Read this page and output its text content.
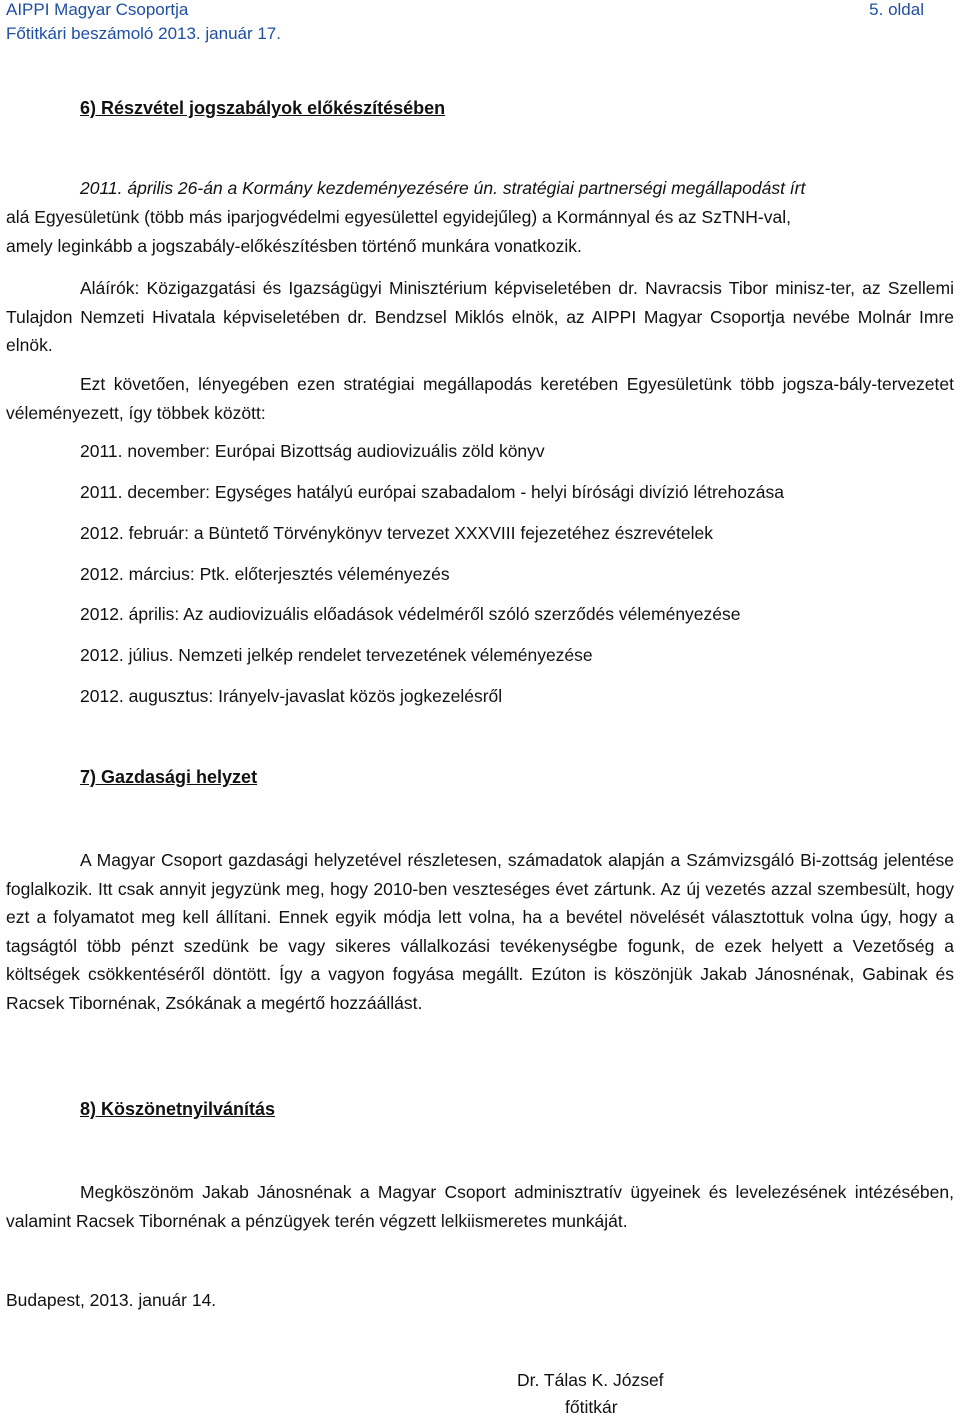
AIPPI Magyar Csoportja
Főtitkári beszámoló 2013. január 17.
5. oldal
6) Részvétel jogszabályok előkészítésében
2011. április 26-án a Kormány kezdeményezésére ún. stratégiai partnerségi megállapodást írt
alá Egyesületünk (több más iparjogvédelmi egyesülettel egyidejűleg) a Kormánnyal és az SzTNH-val,
amely leginkább a jogszabály-előkészítésben történő munkára vonatkozik.
Aláírók: Közigazgatási és Igazságügyi Minisztérium képviseletében dr. Navracsis Tibor minisz-ter, az Szellemi Tulajdon Nemzeti Hivatala képviseletében dr. Bendzsel Miklós elnök, az AIPPI Magyar Csoportja nevébe Molnár Imre elnök.
Ezt követően, lényegében ezen stratégiai megállapodás keretében Egyesületünk több jogsza-bály-tervezetet véleményezett, így többek között:
2011. november: Európai Bizottság audiovizuális zöld könyv
2011. december: Egységes hatályú európai szabadalom - helyi bírósági divízió létrehozása
2012. február: a Büntető Törvénykönyv tervezet XXXVIII fejezetéhez észrevételek
2012. március: Ptk. előterjesztés véleményezés
2012. április: Az audiovizuális előadások védelméről szóló szerződés véleményezése
2012. július. Nemzeti jelkép rendelet tervezetének véleményezése
2012. augusztus: Irányelv-javaslat közös jogkezelésről
7) Gazdasági helyzet
A Magyar Csoport gazdasági helyzetével részletesen, számadatok alapján a Számvizsgáló Bi-zottság jelentése foglalkozik. Itt csak annyit jegyzünk meg, hogy 2010-ben veszteséges évet zártunk. Az új vezetés azzal szembesült, hogy ezt a folyamatot meg kell állítani. Ennek egyik módja lett volna, ha a bevétel növelését választottuk volna úgy, hogy a tagságtól több pénzt szedünk be vagy sikeres vállalkozási tevékenységbe fogunk, de ezek helyett a Vezetőség a költségek csökkentéséről döntött. Így a vagyon fogyása megállt. Ezúton is köszönjük Jakab Jánosnénak, Gabinak és Racsek Tibornénak, Zsókának a megértő hozzáállást.
8) Köszönetnyilvánítás
Megköszönöm Jakab Jánosnénak a Magyar Csoport adminisztratív ügyeinek és levelezésének intézésében, valamint Racsek Tibornénak a pénzügyek terén végzett lelkiismeretes munkáját.
Budapest, 2013. január 14.
Dr. Tálas K. József
főtitkár
